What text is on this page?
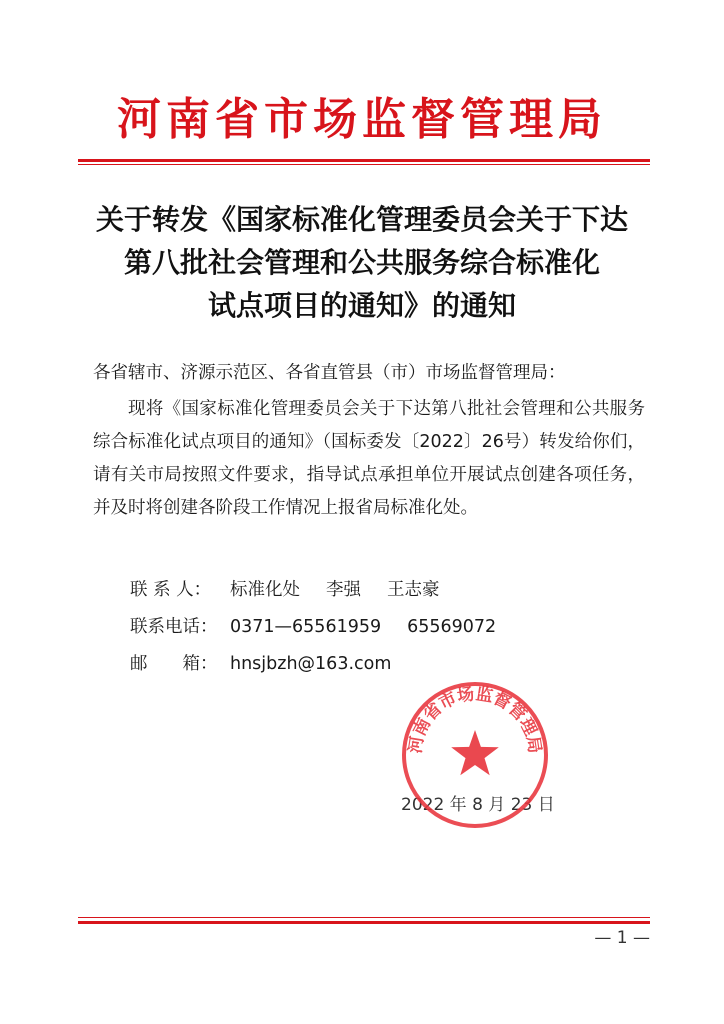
河南省市场监督管理局
关于转发《国家标准化管理委员会关于下达
第八批社会管理和公共服务综合标准化
试点项目的通知》的通知
各省辖市、济源示范区、各省直管县（市）市场监督管理局：
现将《国家标准化管理委员会关于下达第八批社会管理和公共服务综合标准化试点项目的通知》（国标委发〔2022〕26号）转发给你们，请有关市局按照文件要求，指导试点承担单位开展试点创建各项任务，并及时将创建各阶段工作情况上报省局标准化处。
联 系 人： 标准化处 李强 王志豪
联系电话： 0371—65561959 65569072
邮　　箱： hnsjbzh@163.com
2022 年 8 月 23 日
河南省市场监督管理局
— 1 —
